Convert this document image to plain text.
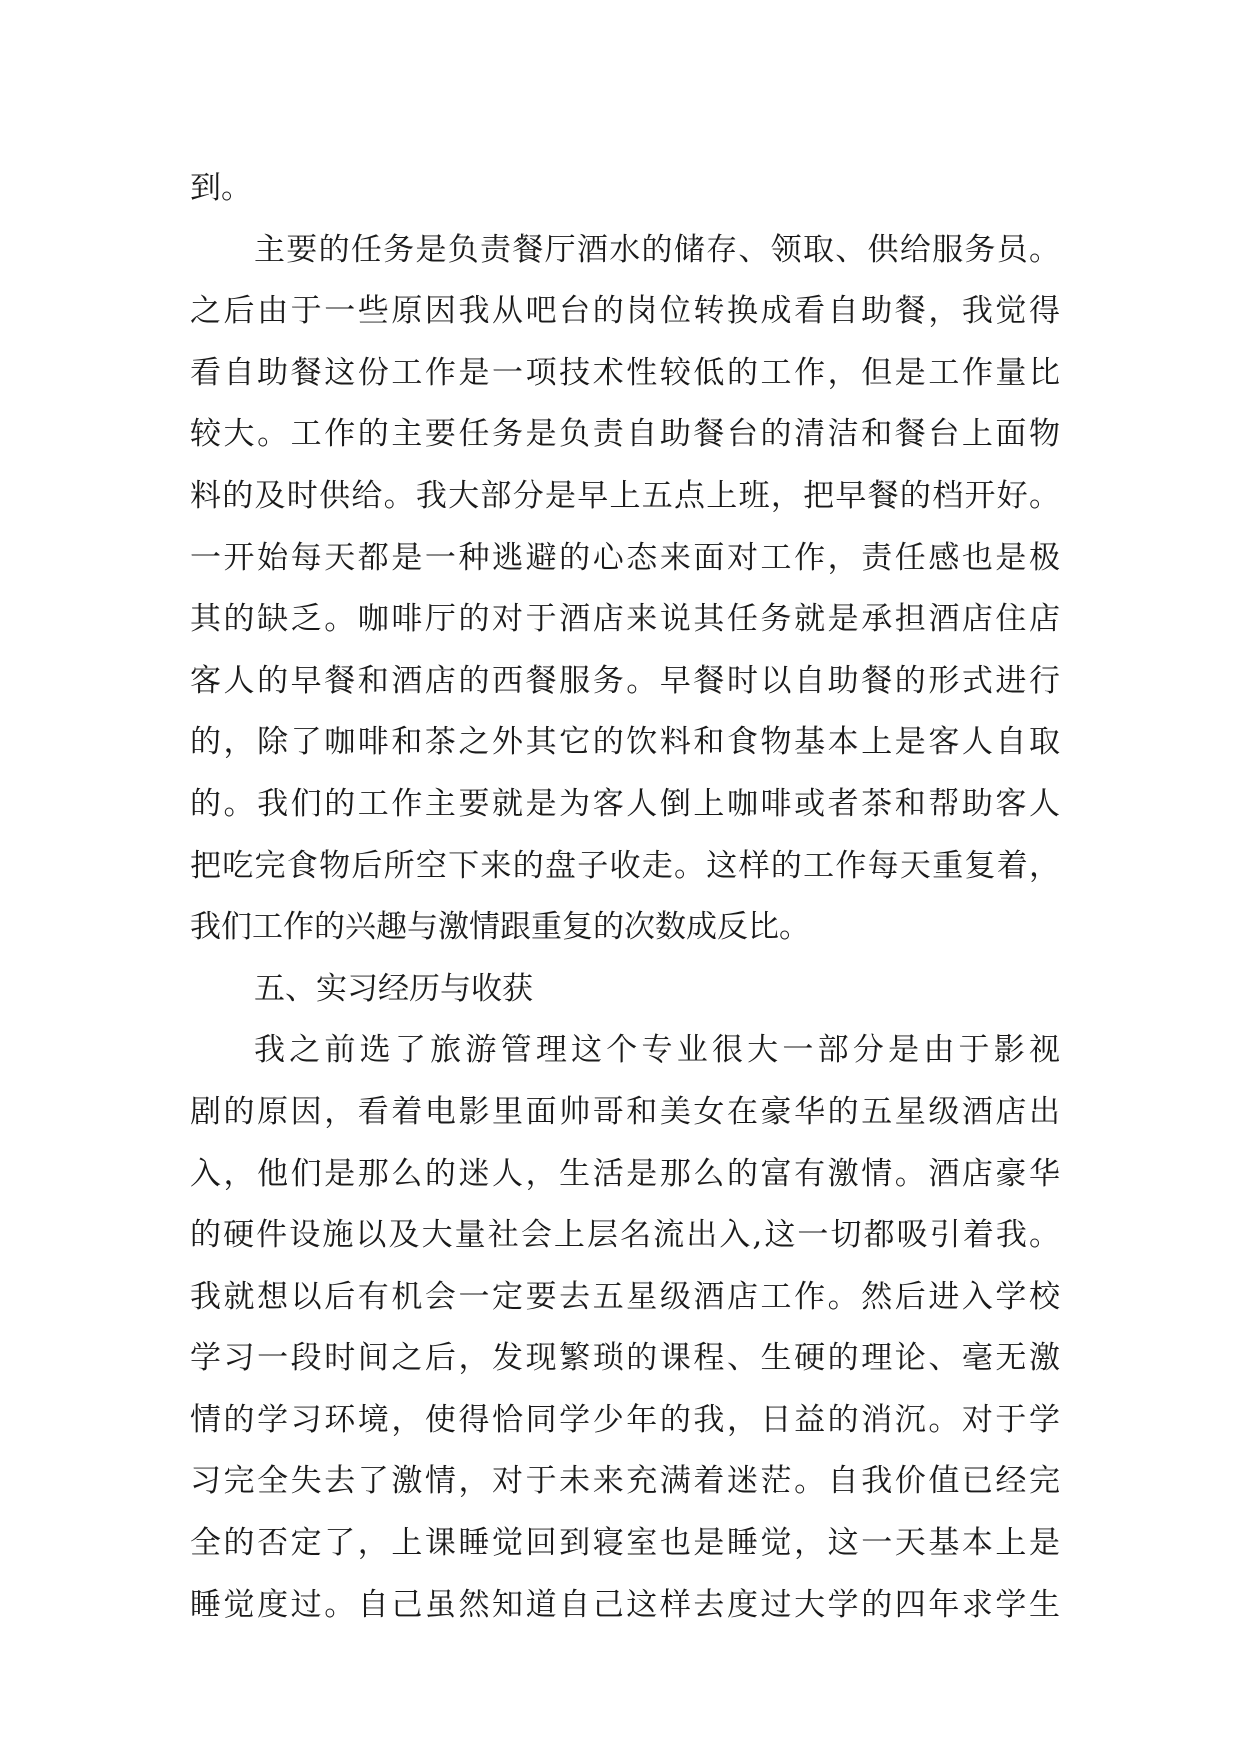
到。
主要的任务是负责餐厅酒水的储存、领取、供给服务员。
之后由于一些原因我从吧台的岗位转换成看自助餐，我觉得
看自助餐这份工作是一项技术性较低的工作，但是工作量比
较大。工作的主要任务是负责自助餐台的清洁和餐台上面物
料的及时供给。我大部分是早上五点上班，把早餐的档开好。
一开始每天都是一种逃避的心态来面对工作，责任感也是极
其的缺乏。咖啡厅的对于酒店来说其任务就是承担酒店住店
客人的早餐和酒店的西餐服务。早餐时以自助餐的形式进行
的，除了咖啡和茶之外其它的饮料和食物基本上是客人自取
的。我们的工作主要就是为客人倒上咖啡或者茶和帮助客人
把吃完食物后所空下来的盘子收走。这样的工作每天重复着，
我们工作的兴趣与激情跟重复的次数成反比。
五、实习经历与收获
我之前选了旅游管理这个专业很大一部分是由于影视
剧的原因，看着电影里面帅哥和美女在豪华的五星级酒店出
入，他们是那么的迷人，生活是那么的富有激情。酒店豪华
的硬件设施以及大量社会上层名流出入,这一切都吸引着我。
我就想以后有机会一定要去五星级酒店工作。然后进入学校
学习一段时间之后，发现繁琐的课程、生硬的理论、毫无激
情的学习环境，使得恰同学少年的我，日益的消沉。对于学
习完全失去了激情，对于未来充满着迷茫。自我价值已经完
全的否定了，上课睡觉回到寝室也是睡觉，这一天基本上是
睡觉度过。自己虽然知道自己这样去度过大学的四年求学生
